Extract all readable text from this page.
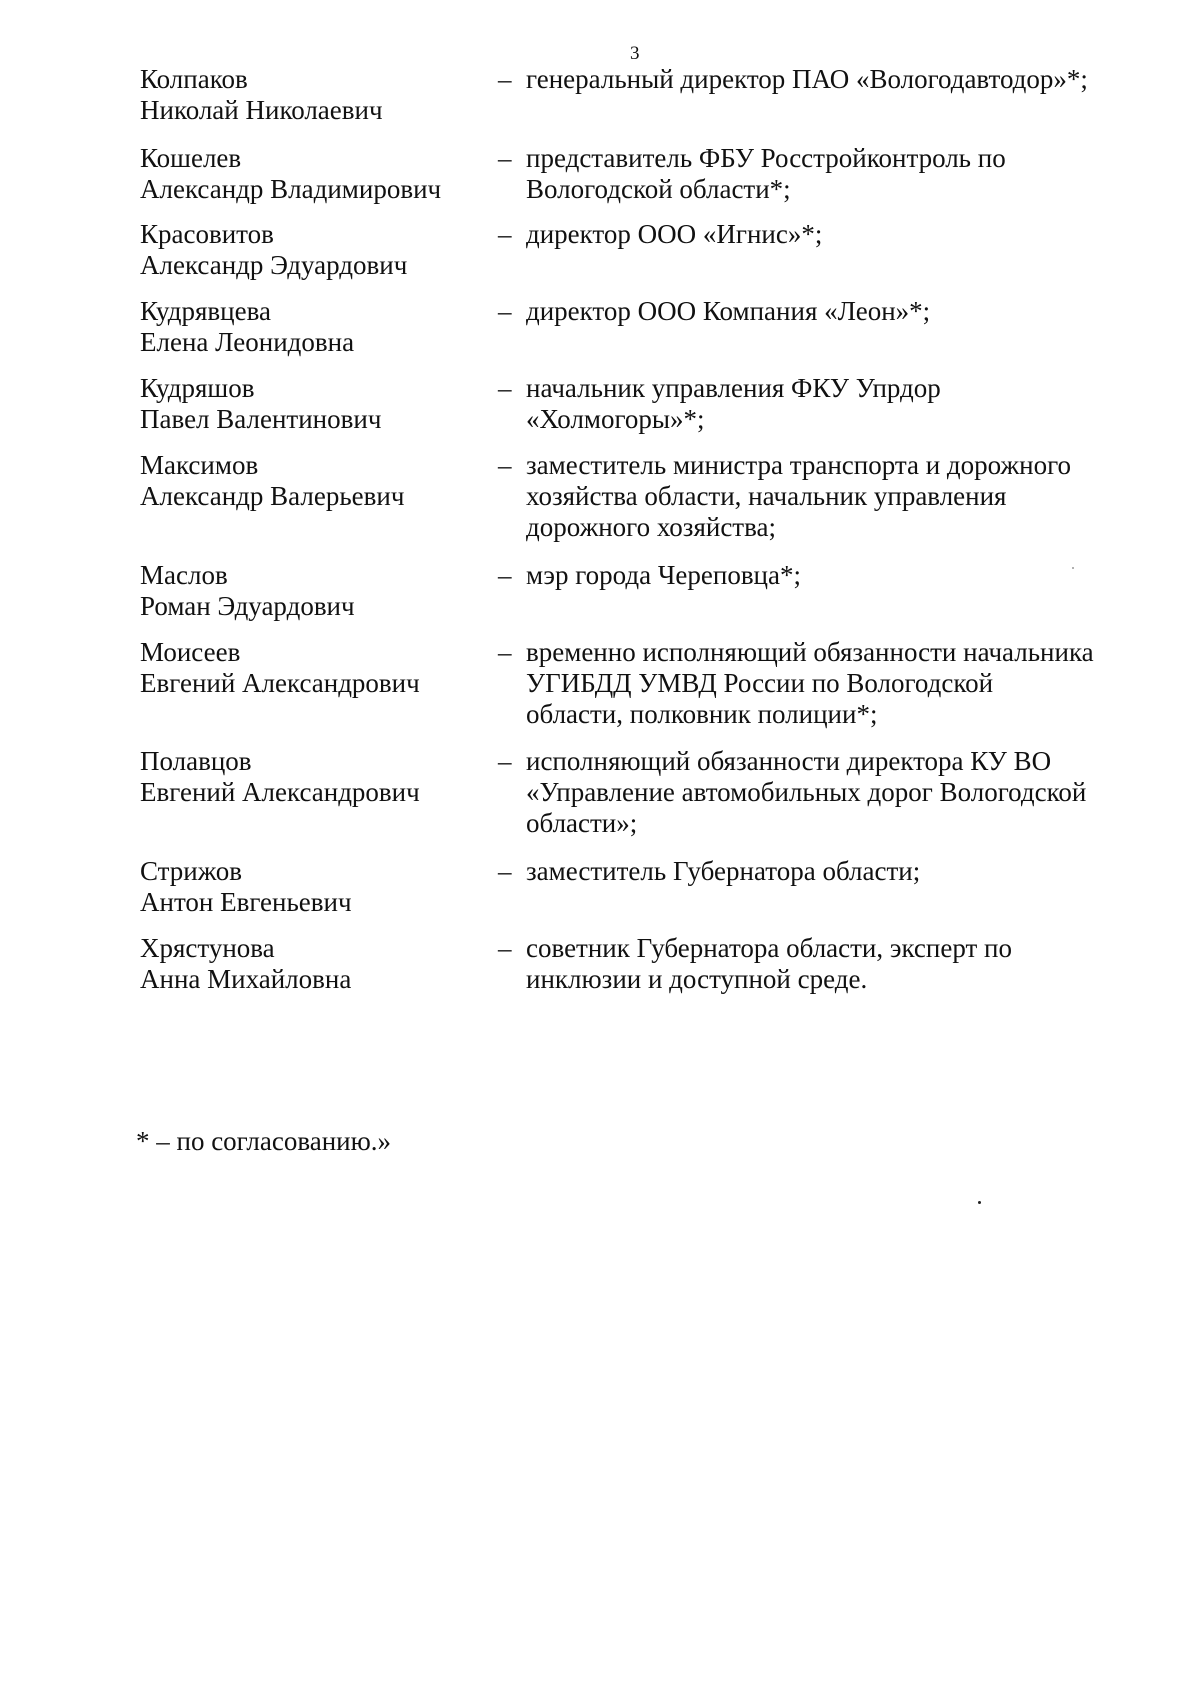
3
Колпаков
Николай Николаевич
– генеральный директор ПАО «Вологодавтодор»*;
Кошелев
Александр Владимирович
– представитель ФБУ Росстройконтроль по
Вологодской области*;
Красовитов
Александр Эдуардович
– директор ООО «Игнис»*;
Кудрявцева
Елена Леонидовна
– директор ООО Компания «Леон»*;
Кудряшов
Павел Валентинович
– начальник управления ФКУ Упрдор
«Холмогоры»*;
Максимов
Александр Валерьевич
– заместитель министра транспорта и дорожного
хозяйства области, начальник управления
дорожного хозяйства;
Маслов
Роман Эдуардович
– мэр города Череповца*;
Моисеев
Евгений Александрович
– временно исполняющий обязанности начальника
УГИБДД УМВД России по Вологодской
области, полковник полиции*;
Полавцов
Евгений Александрович
– исполняющий обязанности директора КУ ВО
«Управление автомобильных дорог Вологодской
области»;
Стрижов
Антон Евгеньевич
– заместитель Губернатора области;
Хрястунова
Анна Михайловна
– советник Губернатора области, эксперт по
инклюзии и доступной среде.
* – по согласованию.»
